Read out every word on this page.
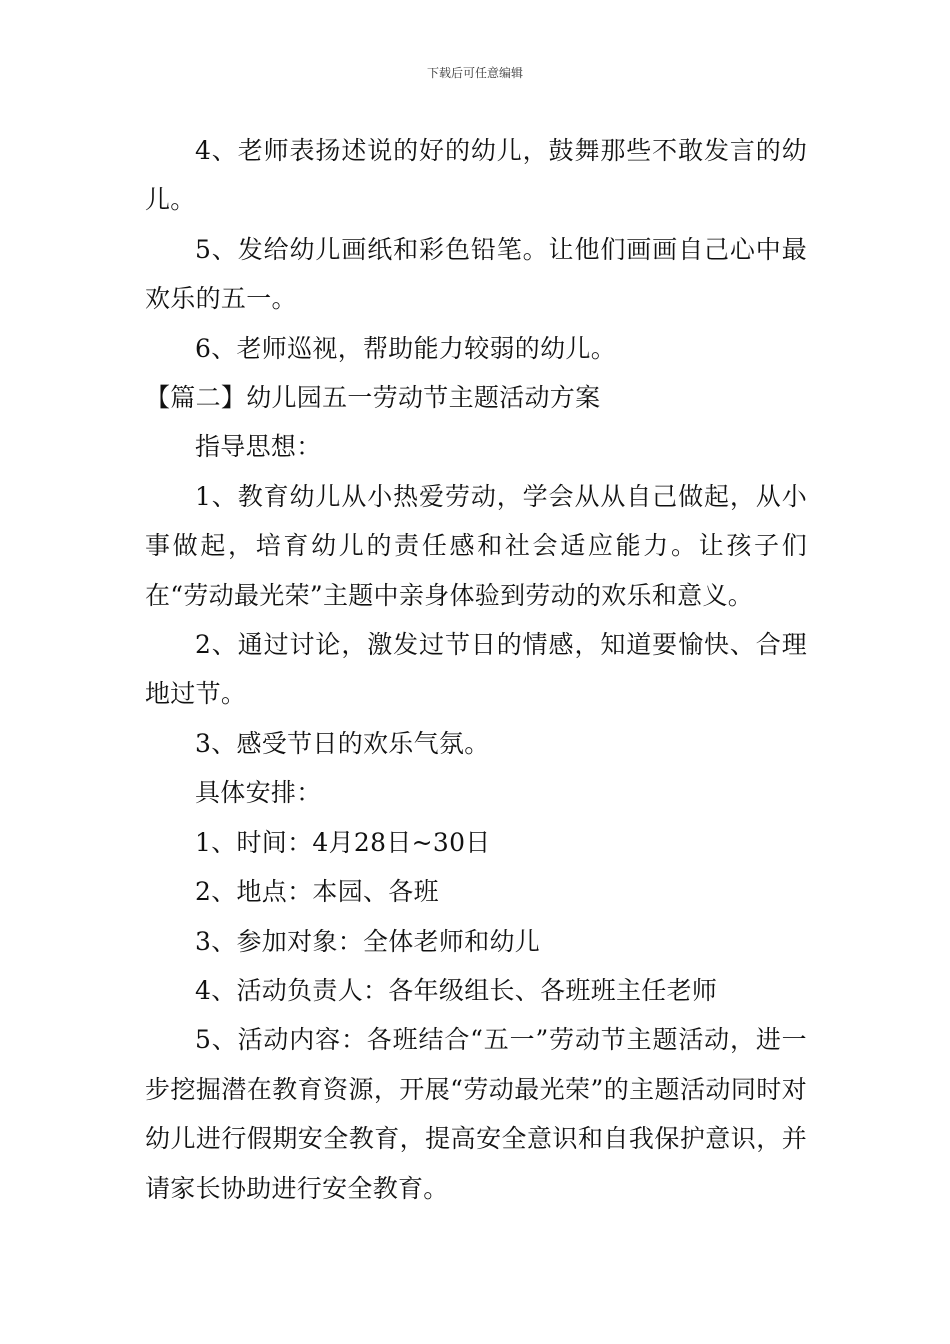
下载后可任意编辑

4、老师表扬述说的好的幼儿，鼓舞那些不敢发言的幼儿。

5、发给幼儿画纸和彩色铅笔。让他们画画自己心中最欢乐的五一。

6、老师巡视，帮助能力较弱的幼儿。

【篇二】幼儿园五一劳动节主题活动方案

指导思想：

1、教育幼儿从小热爱劳动，学会从从自己做起，从小事做起，培育幼儿的责任感和社会适应能力。让孩子们在“劳动最光荣”主题中亲身体验到劳动的欢乐和意义。

2、通过讨论，激发过节日的情感，知道要愉快、合理地过节。

3、感受节日的欢乐气氛。

具体安排：

1、时间：4月28日~30日

2、地点：本园、各班

3、参加对象：全体老师和幼儿

4、活动负责人：各年级组长、各班班主任老师

5、活动内容：各班结合“五一”劳动节主题活动，进一步挖掘潜在教育资源，开展“劳动最光荣”的主题活动同时对幼儿进行假期安全教育，提高安全意识和自我保护意识，并请家长协助进行安全教育。
